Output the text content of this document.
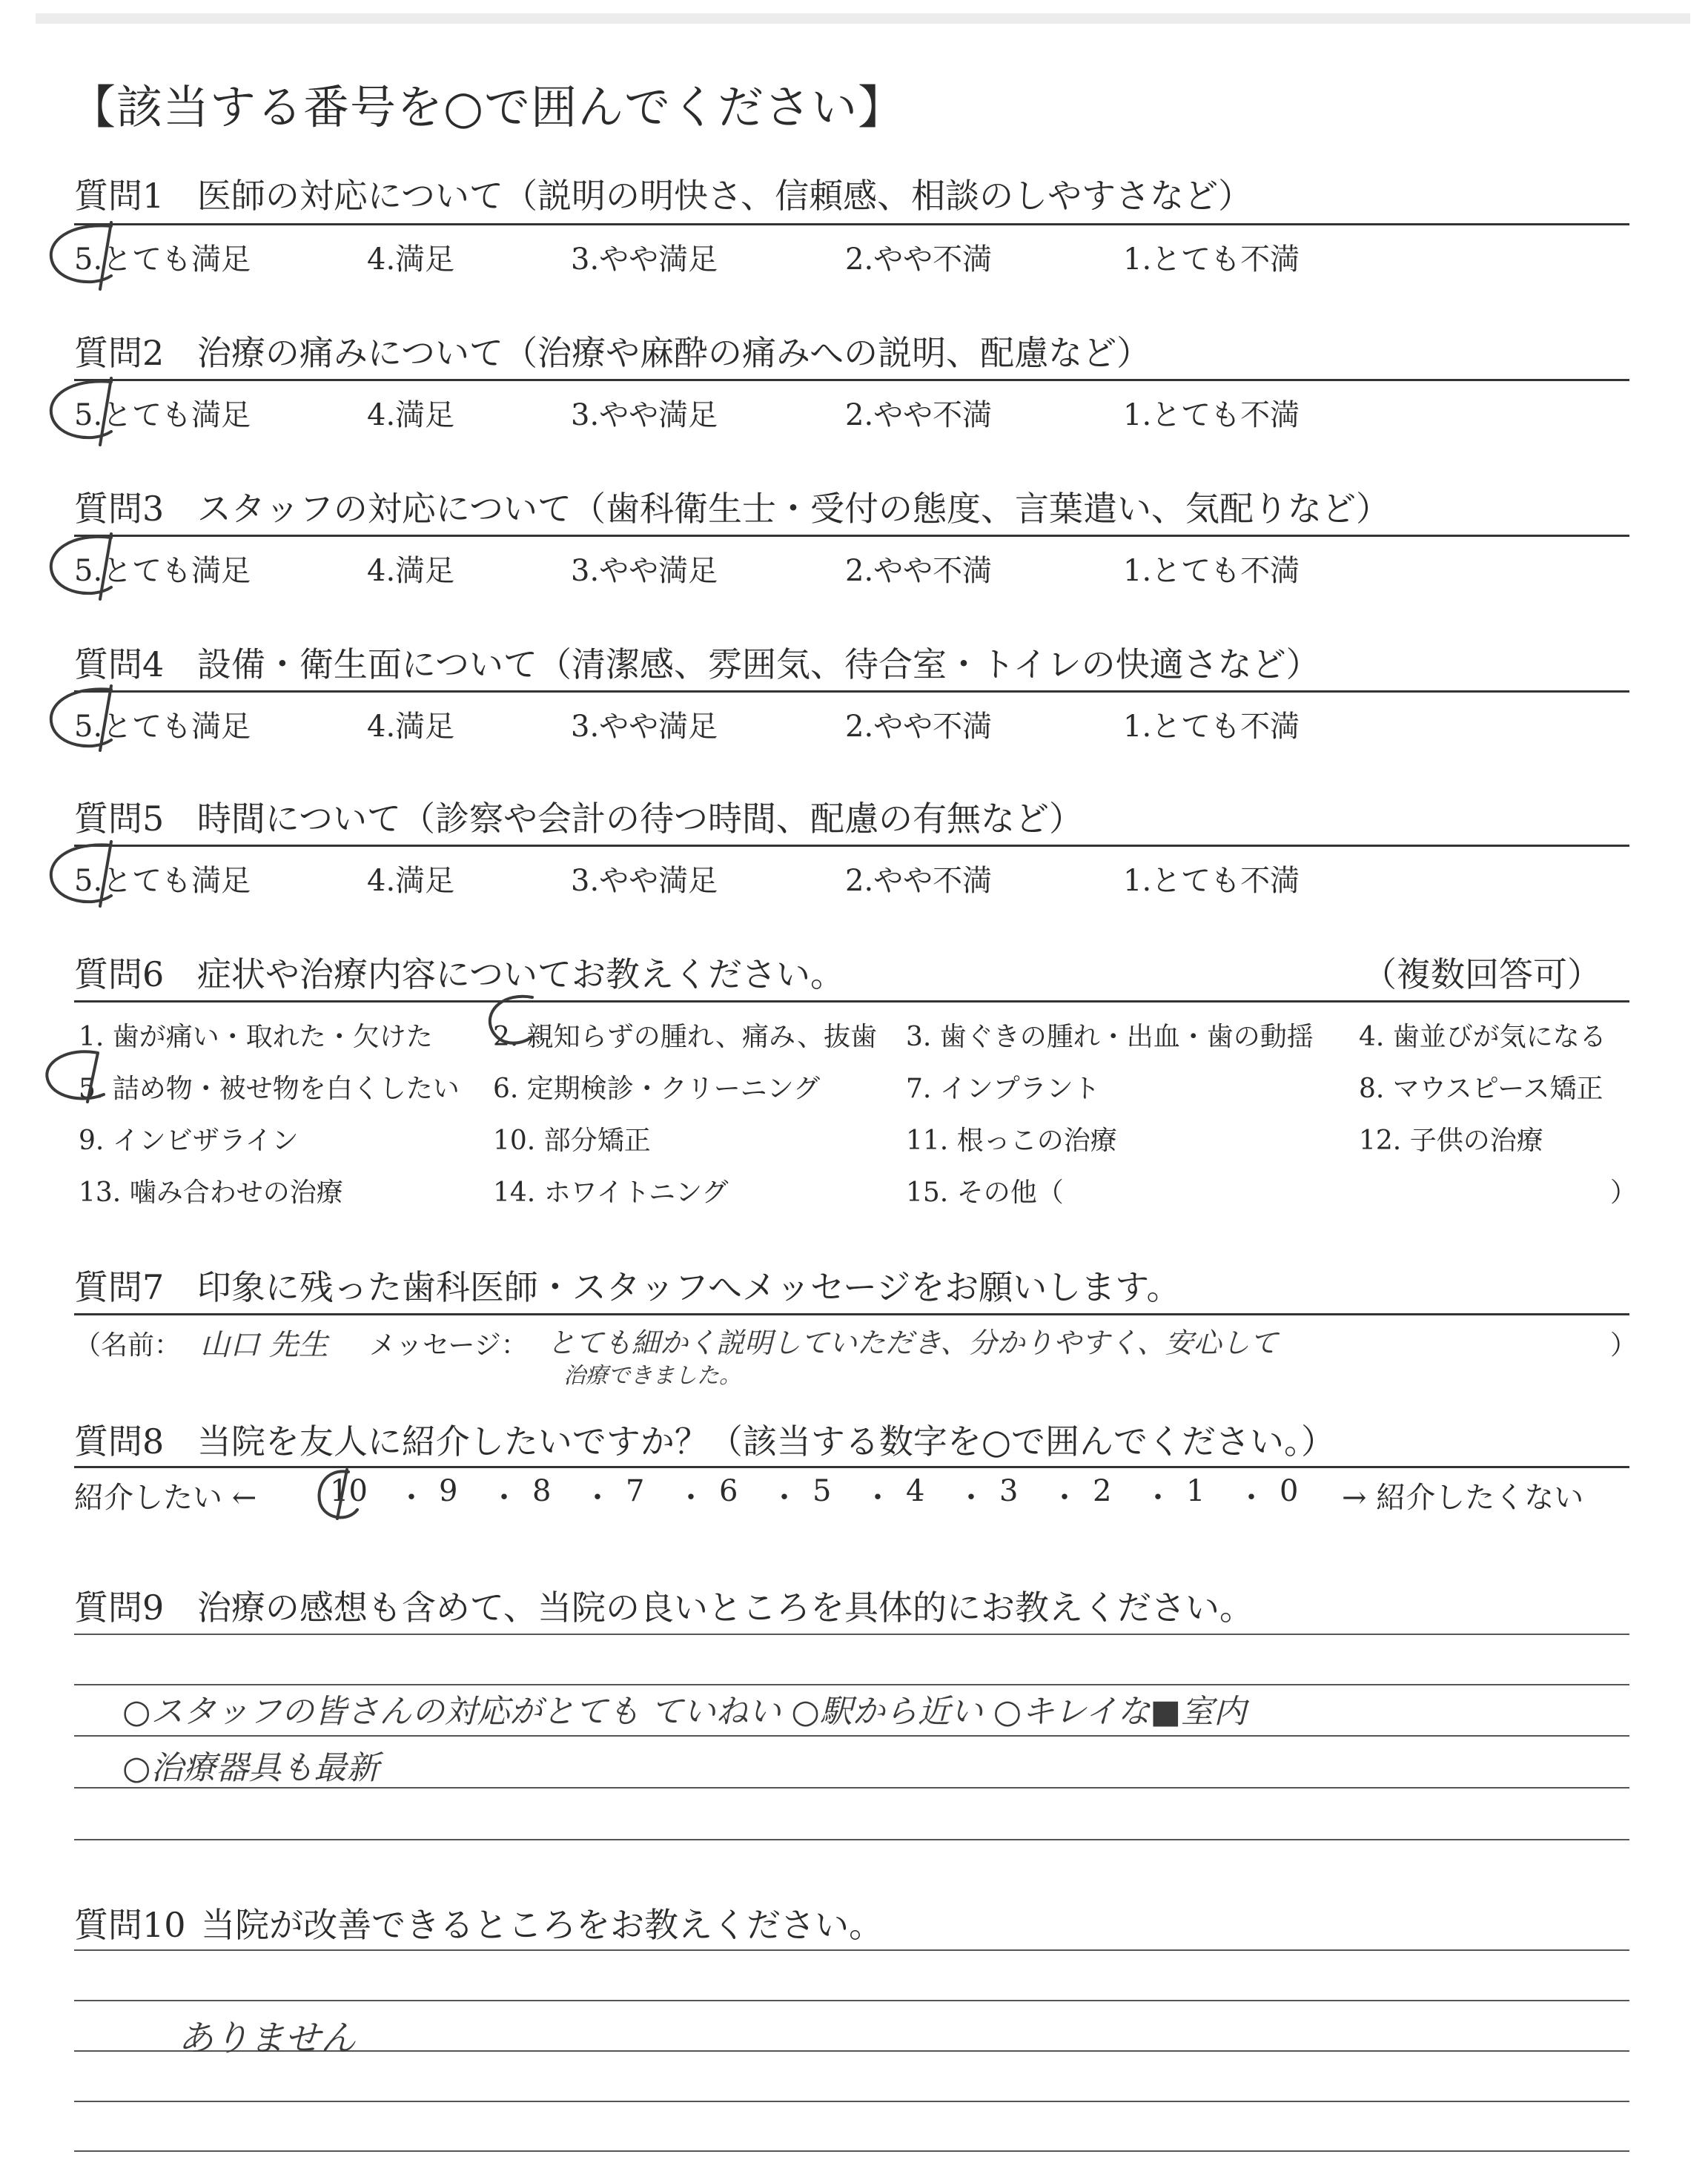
【該当する番号を○で囲んでください】
質問1 医師の対応について（説明の明快さ、信頼感、相談のしやすさなど）
5.とても満足	4.満足	3.やや満足	2.やや不満	1.とても不満
質問2 治療の痛みについて（治療や麻酔の痛みへの説明、配慮など）
5.とても満足	4.満足	3.やや満足	2.やや不満	1.とても不満
質問3 スタッフの対応について（歯科衛生士・受付の態度、言葉遣い、気配りなど）
5.とても満足	4.満足	3.やや満足	2.やや不満	1.とても不満
質問4 設備・衛生面について（清潔感、雰囲気、待合室・トイレの快適さなど）
5.とても満足	4.満足	3.やや満足	2.やや不満	1.とても不満
質問5 時間について（診察や会計の待つ時間、配慮の有無など）
5.とても満足	4.満足	3.やや満足	2.やや不満	1.とても不満
質問6 症状や治療内容についてお教えください。	（複数回答可）
1. 歯が痛い・取れた・欠けた 2. 親知らずの腫れ、痛み、抜歯 3. 歯ぐきの腫れ・出血・歯の動揺 4. 歯並びが気になる
5. 詰め物・被せ物を白くしたい 6. 定期検診・クリーニング	7. インプラント	8. マウスピース矯正
9. インビザライン	10. 部分矯正	11. 根っこの治療	12. 子供の治療
13. 噛み合わせの治療	14. ホワイトニング	15. その他（	）
質問7 印象に残った歯科医師・スタッフへメッセージをお願いします。
（名前： 山口 先生 メッセージ： とても細かく説明していただき、分かりやすく、安心して
治療できました。
）
質問8 当院を友人に紹介したいですか？（該当する数字を○で囲んでください。）
紹介したい ← 10 ・ 9 ・ 8 ・ 7 ・ 6 ・ 5 ・ 4 ・ 3 ・ 2 ・ 1 ・ 0 → 紹介したくない
質問9 治療の感想も含めて、当院の良いところを具体的にお教えください。
○スタッフの皆さんの対応がとても ていねい ○駅から近い ○キレイな■室内
○治療器具も最新
質問10 当院が改善できるところをお教えください。
ありません
